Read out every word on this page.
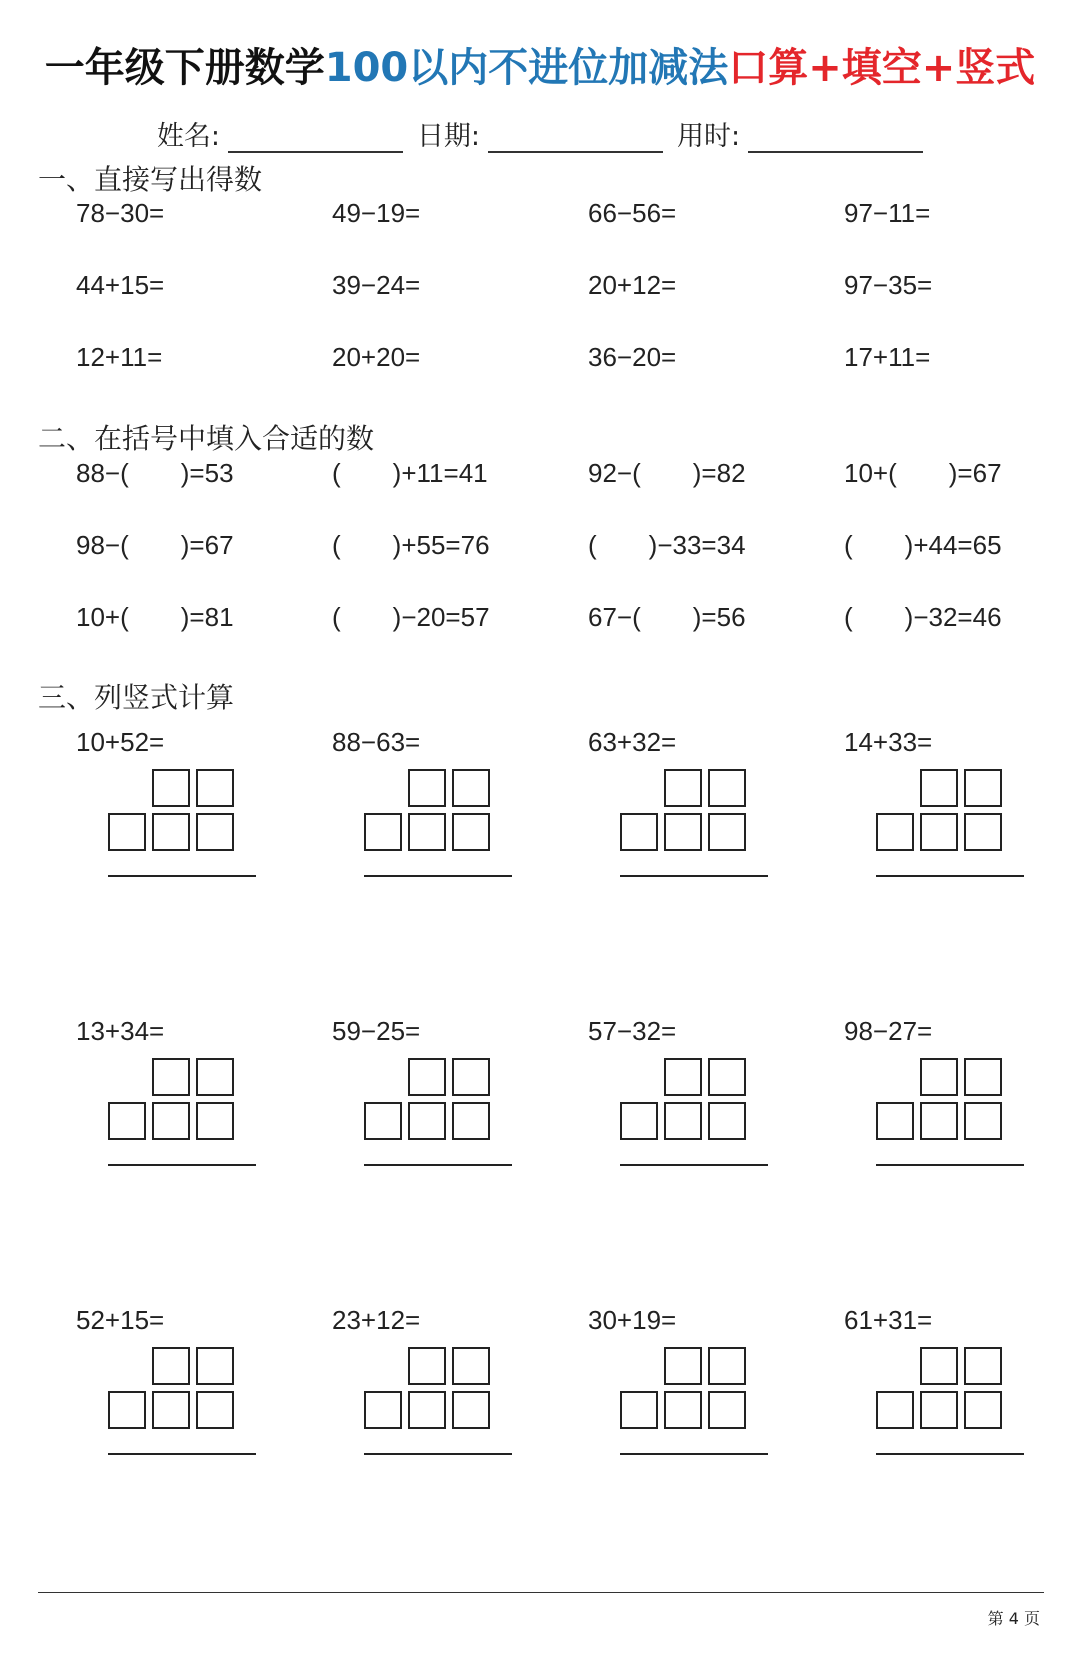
一年级下册数学100以内不进位加减法口算+填空+竖式
姓名:	日期:	用时:
一、直接写出得数
78−30=	49−19=	66−56=	97−11=
44+15=	39−24=	20+12=	97−35=
12+11=	20+20=	36−20=	17+11=
二、在括号中填入合适的数
88−( )=53	( )+11=41	92−( )=82	10+( )=67
98−( )=67	( )+55=76	( )−33=34	( )+44=65
10+( )=81	( )−20=57	67−( )=56	( )−32=46
三、列竖式计算
10+52=	88−63=	63+32=	14+33=
13+34=	59−25=	57−32=	98−27=
52+15=	23+12=	30+19=	61+31=
第 4 页
